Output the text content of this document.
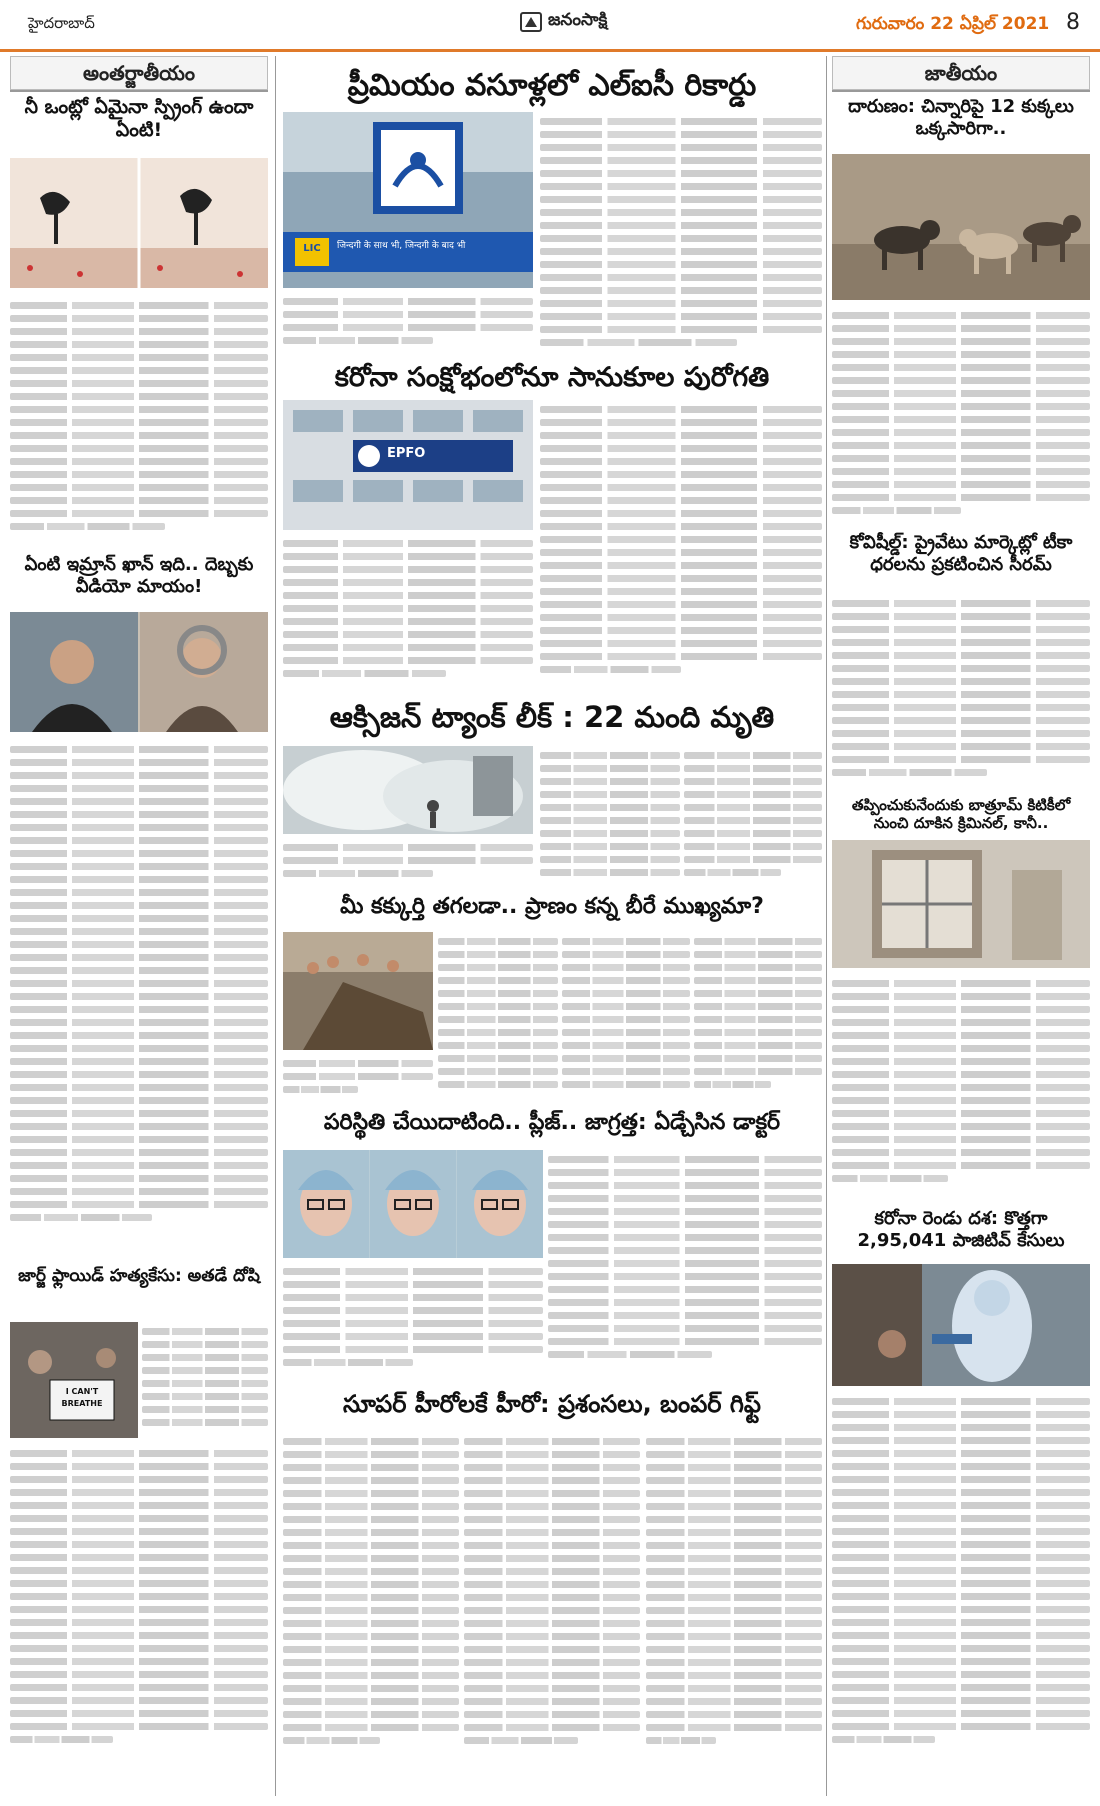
హైదరాబాద్	జనంసాక్షి	గురువారం 22 ఏప్రిల్ 2021 8
అంతర్జాతీయం
నీ ఒంట్లో ఏమైనా స్ప్రింగ్ ఉందా ఏంటి!
ఏంటి ఇమ్రాన్ ఖాన్ ఇది.. దెబ్బకు వీడియో మాయం!
జార్జ్ ఫ్లాయిడ్ హత్యకేసు: అతడే దోషి
I CAN'T BREATHE
ప్రీమియం వసూళ్లలో ఎల్ఐసీ రికార్డు
LIC	जिन्दगी के साथ भी, जिन्दगी के बाद भी
కరోనా సంక్షోభంలోనూ సానుకూల పురోగతి
EPFO
ఆక్సిజన్ ట్యాంక్ లీక్ : 22 మంది మృతి
మీ కక్కుర్తి తగలడా.. ప్రాణం కన్న బీరే ముఖ్యమా?
పరిస్థితి చేయిదాటింది.. ప్లీజ్.. జాగ్రత్త: ఏడ్చేసిన డాక్టర్
సూపర్ హీరోలకే హీరో: ప్రశంసలు, బంపర్ గిఫ్ట్
జాతీయం
దారుణం: చిన్నారిపై 12 కుక్కలు ఒక్కసారిగా..
కోవిషీల్డ్: ప్రైవేటు మార్కెట్లో టీకా ధరలను ప్రకటించిన సీరమ్
తప్పించుకునేందుకు బాత్రూమ్ కిటికీలో నుంచి దూకిన క్రిమినల్, కానీ..
కరోనా రెండు దశ: కొత్తగా 2,95,041 పాజిటివ్ కేసులు
